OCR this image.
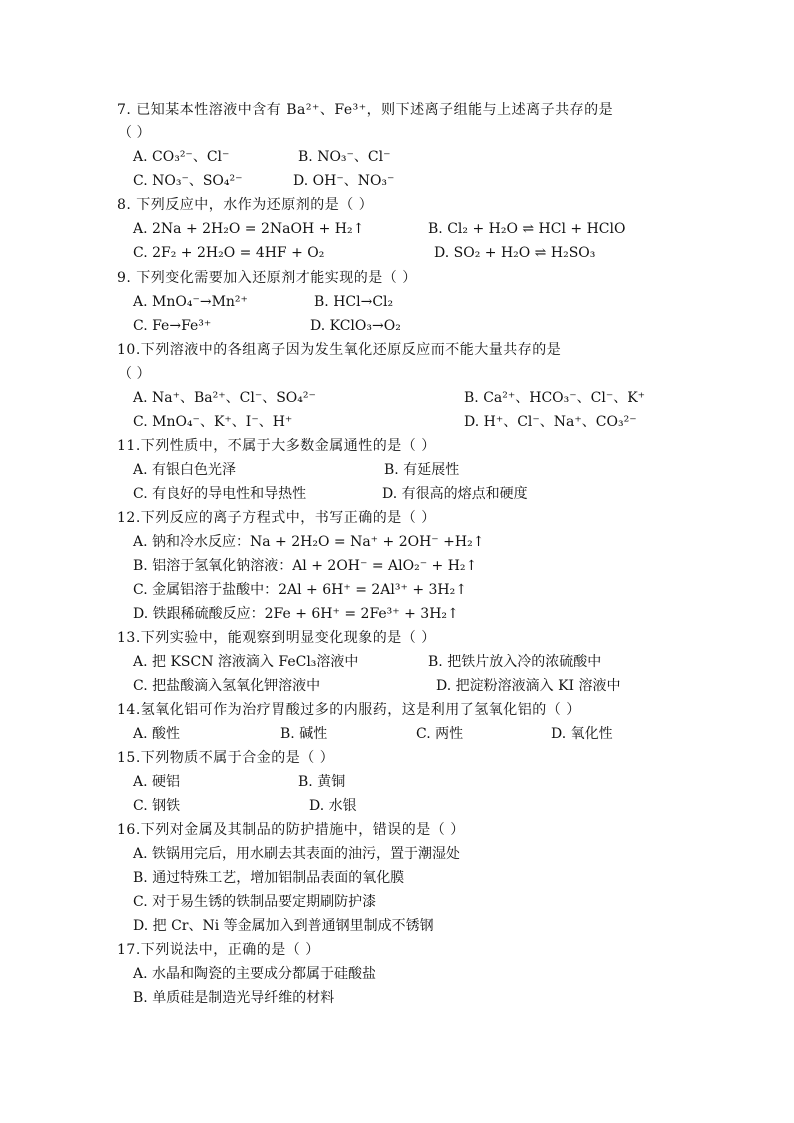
7. 已知某本性溶液中含有 Ba²⁺、Fe³⁺，则下述离子组能与上述离子共存的是
（ ）
A. CO₃²⁻、Cl⁻	B. NO₃⁻、Cl⁻
C. NO₃⁻、SO₄²⁻	D. OH⁻、NO₃⁻
8. 下列反应中，水作为还原剂的是（ ）
A. 2Na + 2H₂O = 2NaOH + H₂↑	B. Cl₂ + H₂O ⇌ HCl + HClO
C. 2F₂ + 2H₂O = 4HF + O₂	D. SO₂ + H₂O ⇌ H₂SO₃
9. 下列变化需要加入还原剂才能实现的是（ ）
A. MnO₄⁻→Mn²⁺	B. HCl→Cl₂
C. Fe→Fe³⁺	D. KClO₃→O₂
10.下列溶液中的各组离子因为发生氧化还原反应而不能大量共存的是
（ ）
A. Na⁺、Ba²⁺、Cl⁻、SO₄²⁻	B. Ca²⁺、HCO₃⁻、Cl⁻、K⁺
C. MnO₄⁻、K⁺、I⁻、H⁺	D. H⁺、Cl⁻、Na⁺、CO₃²⁻
11.下列性质中，不属于大多数金属通性的是（ ）
A. 有银白色光泽	B. 有延展性
C. 有良好的导电性和导热性	D. 有很高的熔点和硬度
12.下列反应的离子方程式中，书写正确的是（ ）
A. 钠和冷水反应：Na + 2H₂O = Na⁺ + 2OH⁻ +H₂↑
B. 铝溶于氢氧化钠溶液：Al + 2OH⁻ = AlO₂⁻ + H₂↑
C. 金属铝溶于盐酸中：2Al + 6H⁺ = 2Al³⁺ + 3H₂↑
D. 铁跟稀硫酸反应：2Fe + 6H⁺ = 2Fe³⁺ + 3H₂↑
13.下列实验中，能观察到明显变化现象的是（ ）
A. 把 KSCN 溶液滴入 FeCl₃溶液中	B. 把铁片放入冷的浓硫酸中
C. 把盐酸滴入氢氧化钾溶液中	D. 把淀粉溶液滴入 KI 溶液中
14.氢氧化铝可作为治疗胃酸过多的内服药，这是利用了氢氧化铝的（ ）
A. 酸性	B. 碱性	C. 两性	D. 氧化性
15.下列物质不属于合金的是（ ）
A. 硬铝	B. 黄铜
C. 钢铁	D. 水银
16.下列对金属及其制品的防护措施中，错误的是（ ）
A. 铁锅用完后，用水刷去其表面的油污，置于潮湿处
B. 通过特殊工艺，增加铝制品表面的氧化膜
C. 对于易生锈的铁制品要定期刷防护漆
D. 把 Cr、Ni 等金属加入到普通钢里制成不锈钢
17.下列说法中，正确的是（ ）
A. 水晶和陶瓷的主要成分都属于硅酸盐
B. 单质硅是制造光导纤维的材料
